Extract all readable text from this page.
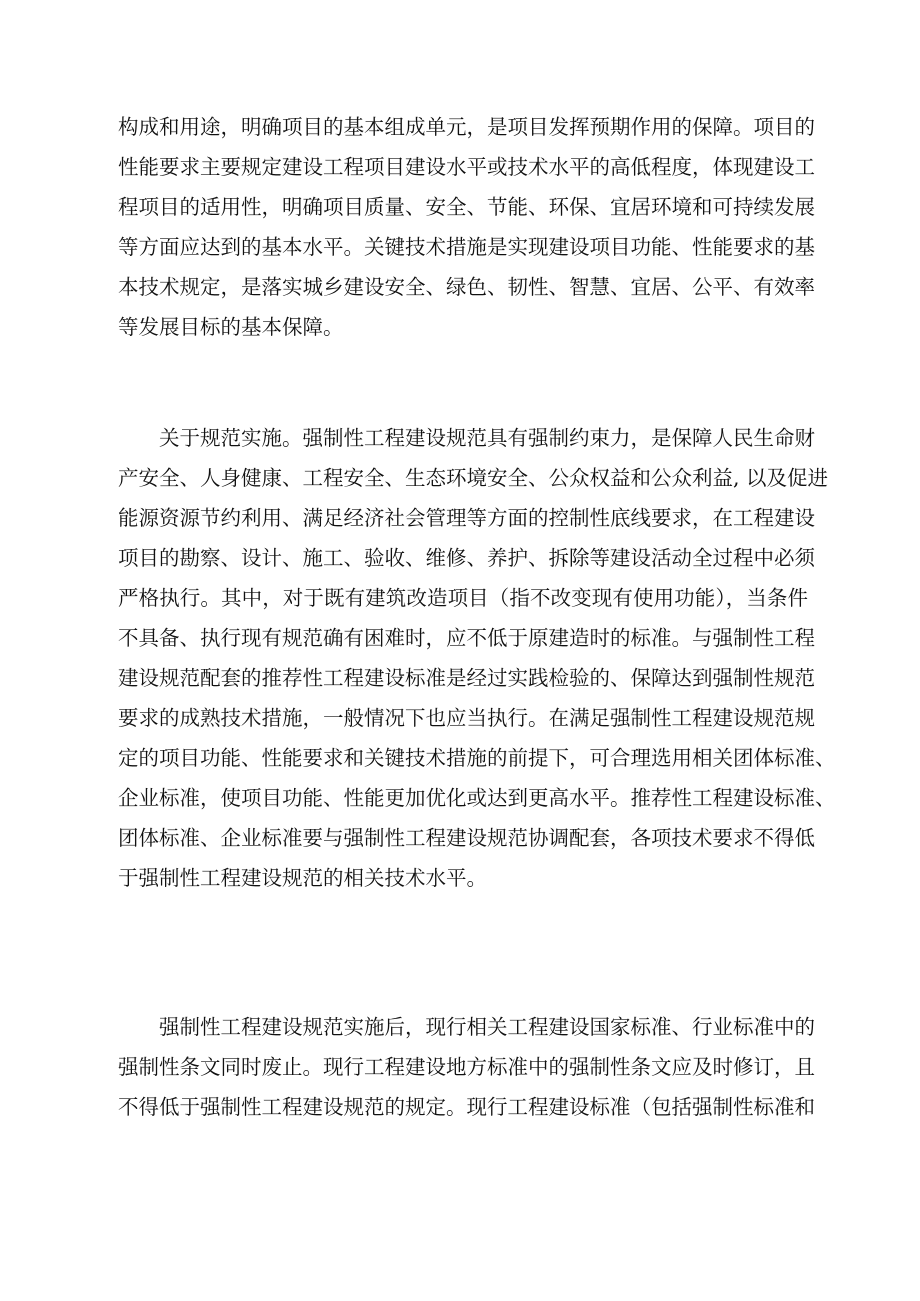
构成和用途，明确项目的基本组成单元，是项目发挥预期作用的保障。项目的
性能要求主要规定建设工程项目建设水平或技术水平的高低程度，体现建设工
程项目的适用性，明确项目质量、安全、节能、环保、宜居环境和可持续发展
等方面应达到的基本水平。关键技术措施是实现建设项目功能、性能要求的基
本技术规定，是落实城乡建设安全、绿色、韧性、智慧、宜居、公平、有效率
等发展目标的基本保障。
关于规范实施。强制性工程建设规范具有强制约束力，是保障人民生命财
产安全、人身健康、工程安全、生态环境安全、公众权益和公众利益, 以及促进
能源资源节约利用、满足经济社会管理等方面的控制性底线要求，在工程建设
项目的勘察、设计、施工、验收、维修、养护、拆除等建设活动全过程中必须
严格执行。其中，对于既有建筑改造项目（指不改变现有使用功能），当条件
不具备、执行现有规范确有困难时，应不低于原建造时的标准。与强制性工程
建设规范配套的推荐性工程建设标准是经过实践检验的、保障达到强制性规范
要求的成熟技术措施，一般情况下也应当执行。在满足强制性工程建设规范规
定的项目功能、性能要求和关键技术措施的前提下，可合理选用相关团体标准、
企业标准，使项目功能、性能更加优化或达到更高水平。推荐性工程建设标准、
团体标准、企业标准要与强制性工程建设规范协调配套，各项技术要求不得低
于强制性工程建设规范的相关技术水平。
强制性工程建设规范实施后，现行相关工程建设国家标准、行业标准中的
强制性条文同时废止。现行工程建设地方标准中的强制性条文应及时修订，且
不得低于强制性工程建设规范的规定。现行工程建设标准（包括强制性标准和
